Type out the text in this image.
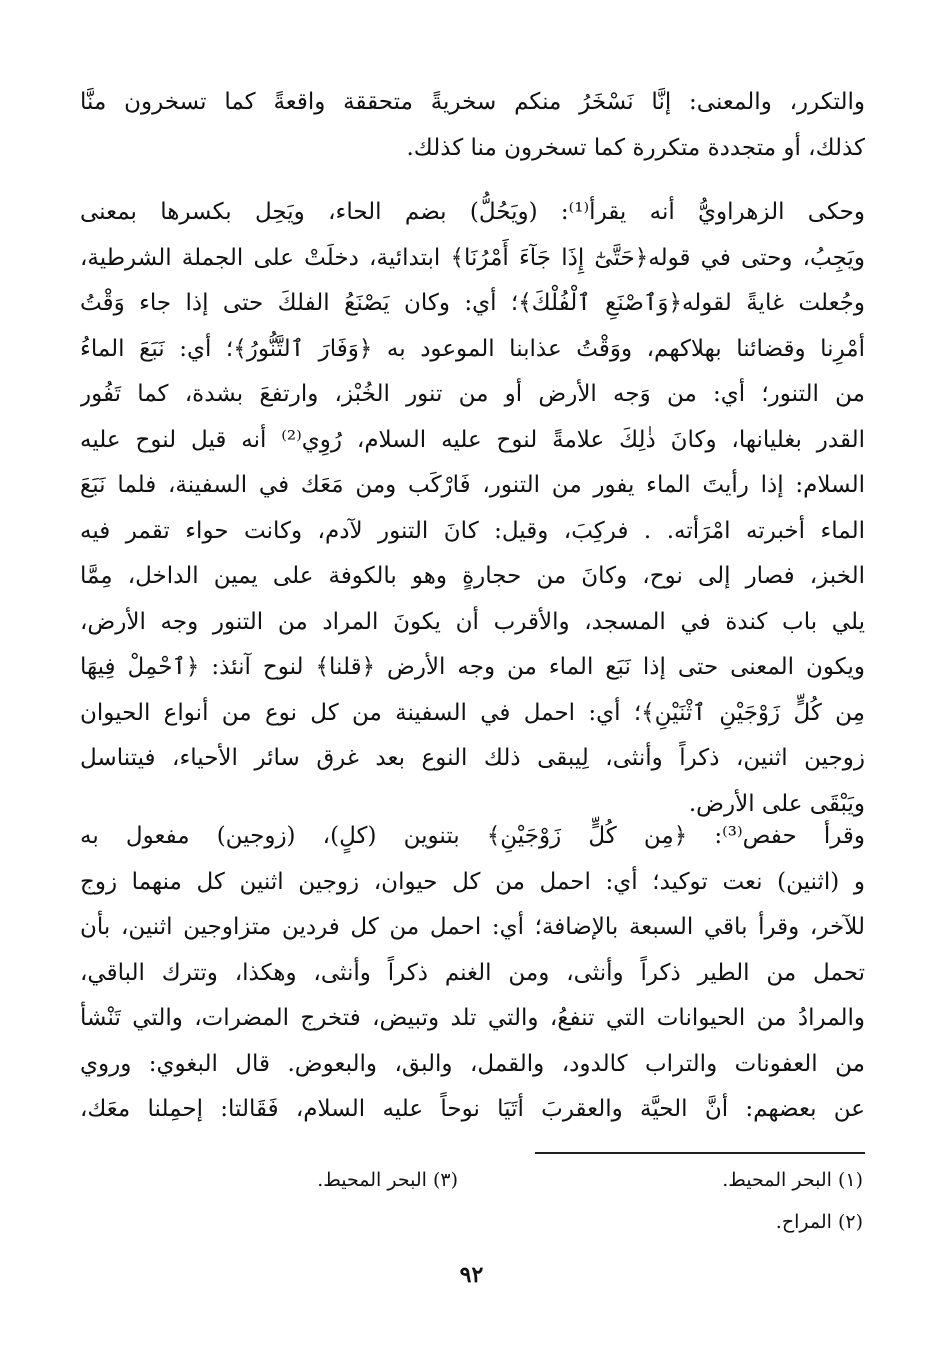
والتكرر، والمعنى: إنَّا نَسْخَرُ منكم سخريةً متحققة واقعةً كما تسخرون منَّا
كذلك، أو متجددة متكررة كما تسخرون منا كذلك.
وحكى الزهراويُّ أنه يقرأ⁽¹⁾: (ويَحُلُّ) بضم الحاء، ويَحِل بكسرها بمعنى
ويَجِبُ، وحتى في قوله﴿حَتَّىٰٓ إِذَا جَآءَ أَمْرُنَا﴾ ابتدائية، دخلَتْ على الجملة الشرطية،
وجُعلت غايةً لقوله﴿وَٱصْنَعِ ٱلْفُلْكَ﴾؛ أي: وكان يَصْنَعُ الفلكَ حتى إذا جاء وَقْتُ
أمْرِنا وقضائنا بهلاكهم، ووَقْتُ عذابنا الموعود به ﴿وَفَارَ ٱلتَّنُّورُ﴾؛ أي: نَبَعَ الماءُ
من التنور؛ أي: من وَجه الأرض أو من تنور الخُبْز، وارتفعَ بشدة، كما تَفُور
القدر بغليانها، وكانَ ذٰلِكَ علامةً لنوح عليه السلام، رُوِي⁽²⁾ أنه قيل لنوح عليه
السلام: إذا رأيتَ الماء يفور من التنور، فَارْكَب ومن مَعَك في السفينة، فلما نَبَعَ
الماء أخبرته امْرَأته. . فركِبَ، وقيل: كانَ التنور لآدم، وكانت حواء تقمر فيه
الخبز، فصار إلى نوح، وكانَ من حجارةٍ وهو بالكوفة على يمين الداخل، مِمَّا
يلي باب كندة في المسجد، والأقرب أن يكونَ المراد من التنور وجه الأرض،
ويكون المعنى حتى إذا نَبَع الماء من وجه الأرض ﴿قلنا﴾ لنوح آنئذ: ﴿ٱحْمِلْ فِيهَا
مِن كُلٍّ زَوْجَيْنِ ٱثْنَيْنِ﴾؛ أي: احمل في السفينة من كل نوع من أنواع الحيوان
زوجين اثنين، ذكراً وأنثى، لِيبقى ذلك النوع بعد غرق سائر الأحياء، فيتناسل
ويَبْقَى على الأرض.
وقرأ حفص⁽³⁾: ﴿مِن كُلٍّ زَوْجَيْنِ﴾ بتنوين (كلٍ)، (زوجين) مفعول به
و (اثنين) نعت توكيد؛ أي: احمل من كل حيوان، زوجين اثنين كل منهما زوج
للآخر، وقرأ باقي السبعة بالإضافة؛ أي: احمل من كل فردين متزاوجين اثنين، بأن
تحمل من الطير ذكراً وأنثى، ومن الغنم ذكراً وأنثى، وهكذا، وتترك الباقي،
والمرادُ من الحيوانات التي تنفعُ، والتي تلد وتبيض، فتخرج المضرات، والتي تَنْشأ
من العفونات والتراب كالدود، والقمل، والبق، والبعوض. قال البغوي: وروي
عن بعضهم: أنَّ الحيَّة والعقربَ أتَيَا نوحاً عليه السلام، فَقَالتا: إحمِلنا معَك،
(١) البحر المحيط.
(٢) المراح.
(٣) البحر المحيط.
٩٢
